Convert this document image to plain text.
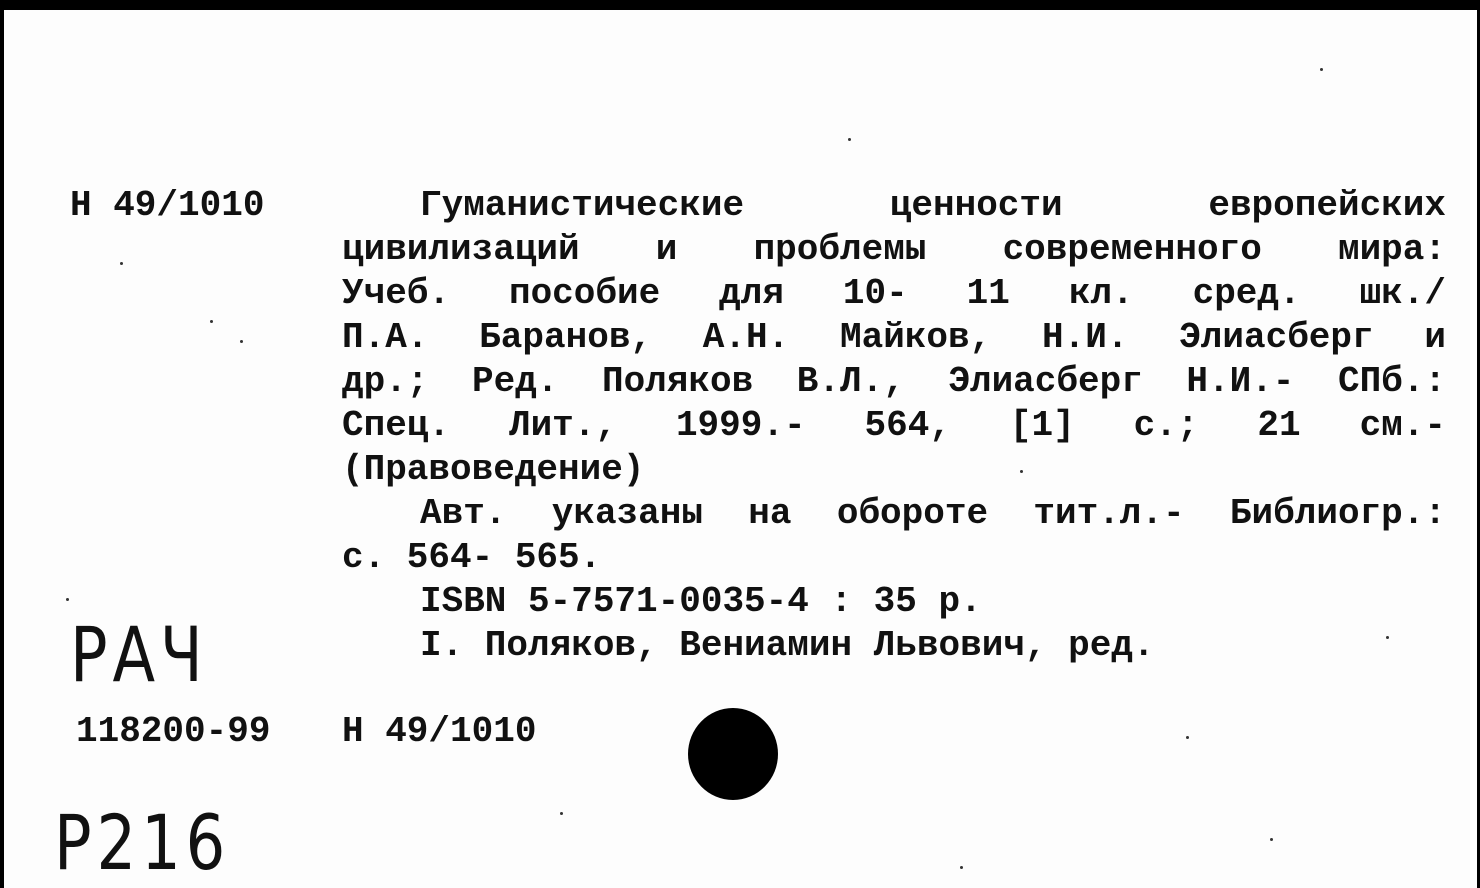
Н 49/1010	Гуманистические ценности европейских
цивилизаций и проблемы современного мира:
Учеб. пособие для 10- 11 кл. сред. шк./
П.А. Баранов, А.Н. Майков, Н.И. Элиасберг и
др.; Ред. Поляков В.Л., Элиасберг Н.И.- СПб.:
Спец. Лит., 1999.- 564, [1] с.; 21 см.-
(Правоведение)
Авт. указаны на обороте тит.л.- Библиогр.:
с. 564- 565.
ISBN 5-7571-0035-4 : 35 р.
I. Поляков, Вениамин Львович, ред.
118200-99 Н 49/1010
РАЧ
Р216
